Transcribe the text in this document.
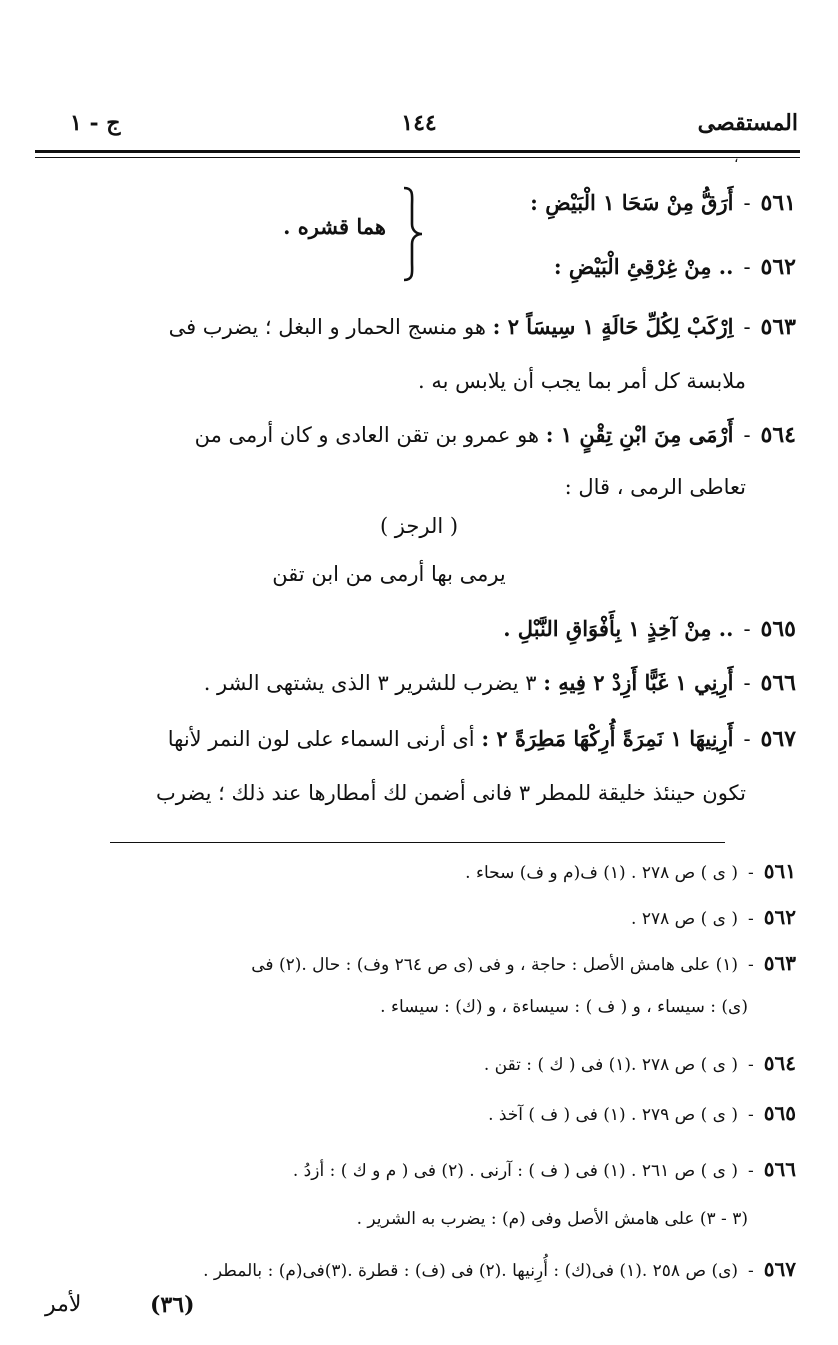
المستقصى
١٤٤
ج - ١
،
٥٦١-أَرَقُّ مِنْ سَحَا ١ الْبَيْضِ :
٥٦٢-.. مِنْ غِرْقِئِ الْبَيْضِ :
هما قشره .
٥٦٣-اِرْكَبْ لِكُلِّ حَالَةٍ ١ سِيسَاً ٢ : هو منسج الحمار و البغل ؛ يضرب فى
ملابسة كل أمر بما يجب أن يلابس به .
٥٦٤-أَرْمَى مِنَ ابْنِ تِقْنٍ ١ : هو عمرو بن تقن العادى و كان أرمى من
تعاطى الرمى ، قال :
( الرجز )
يرمى بها أرمى من ابن تقن
٥٦٥-.. مِنْ آخِذٍ ١ بِأَفْوَاقِ النَّبْلِ .
٥٦٦-أَرِنِي ١ غَبًّا أَزِدْ ٢ فِيهِ : ٣ يضرب للشرير ٣ الذى يشتهى الشر .
٥٦٧-أَرِنِيهَا ١ نَمِرَةً أُرِكْهَا مَطِرَةً ٢ : أى أرنى السماء على لون النمر لأنها
تكون حينئذ خليقة للمطر ٣ فانى أضمن لك أمطارها عند ذلك ؛ يضرب
٥٦١-( ى ) ص ٢٧٨ . (١) ف(م و ف) سحاء .
٥٦٢-( ى ) ص ٢٧٨ .
٥٦٣-(١) على هامش الأصل : حاجة ، و فى (ى ص ٢٦٤ وف) : حال .(٢) فى
(ى) : سيساء ، و ( ف ) : سيساءة ، و (ك) : سيساء .
٥٦٤-( ى ) ص ٢٧٨ .(١) فى ( ك ) : تقن .
٥٦٥-( ى ) ص ٢٧٩ . (١) فى ( ف ) آخذ .
٥٦٦-( ى ) ص ٢٦١ . (١) فى ( ف ) : آرنى . (٢) فى ( م و ك ) : أزدُ .
(٣ - ٣) على هامش الأصل وفى (م) : يضرب به الشرير .
٥٦٧-(ى) ص ٢٥٨ .(١) فى(ك) : أُرِنيها .(٢) فى (ف) : قطرة .(٣)فى(م) : بالمطر .
(٣٦)
لأمر
